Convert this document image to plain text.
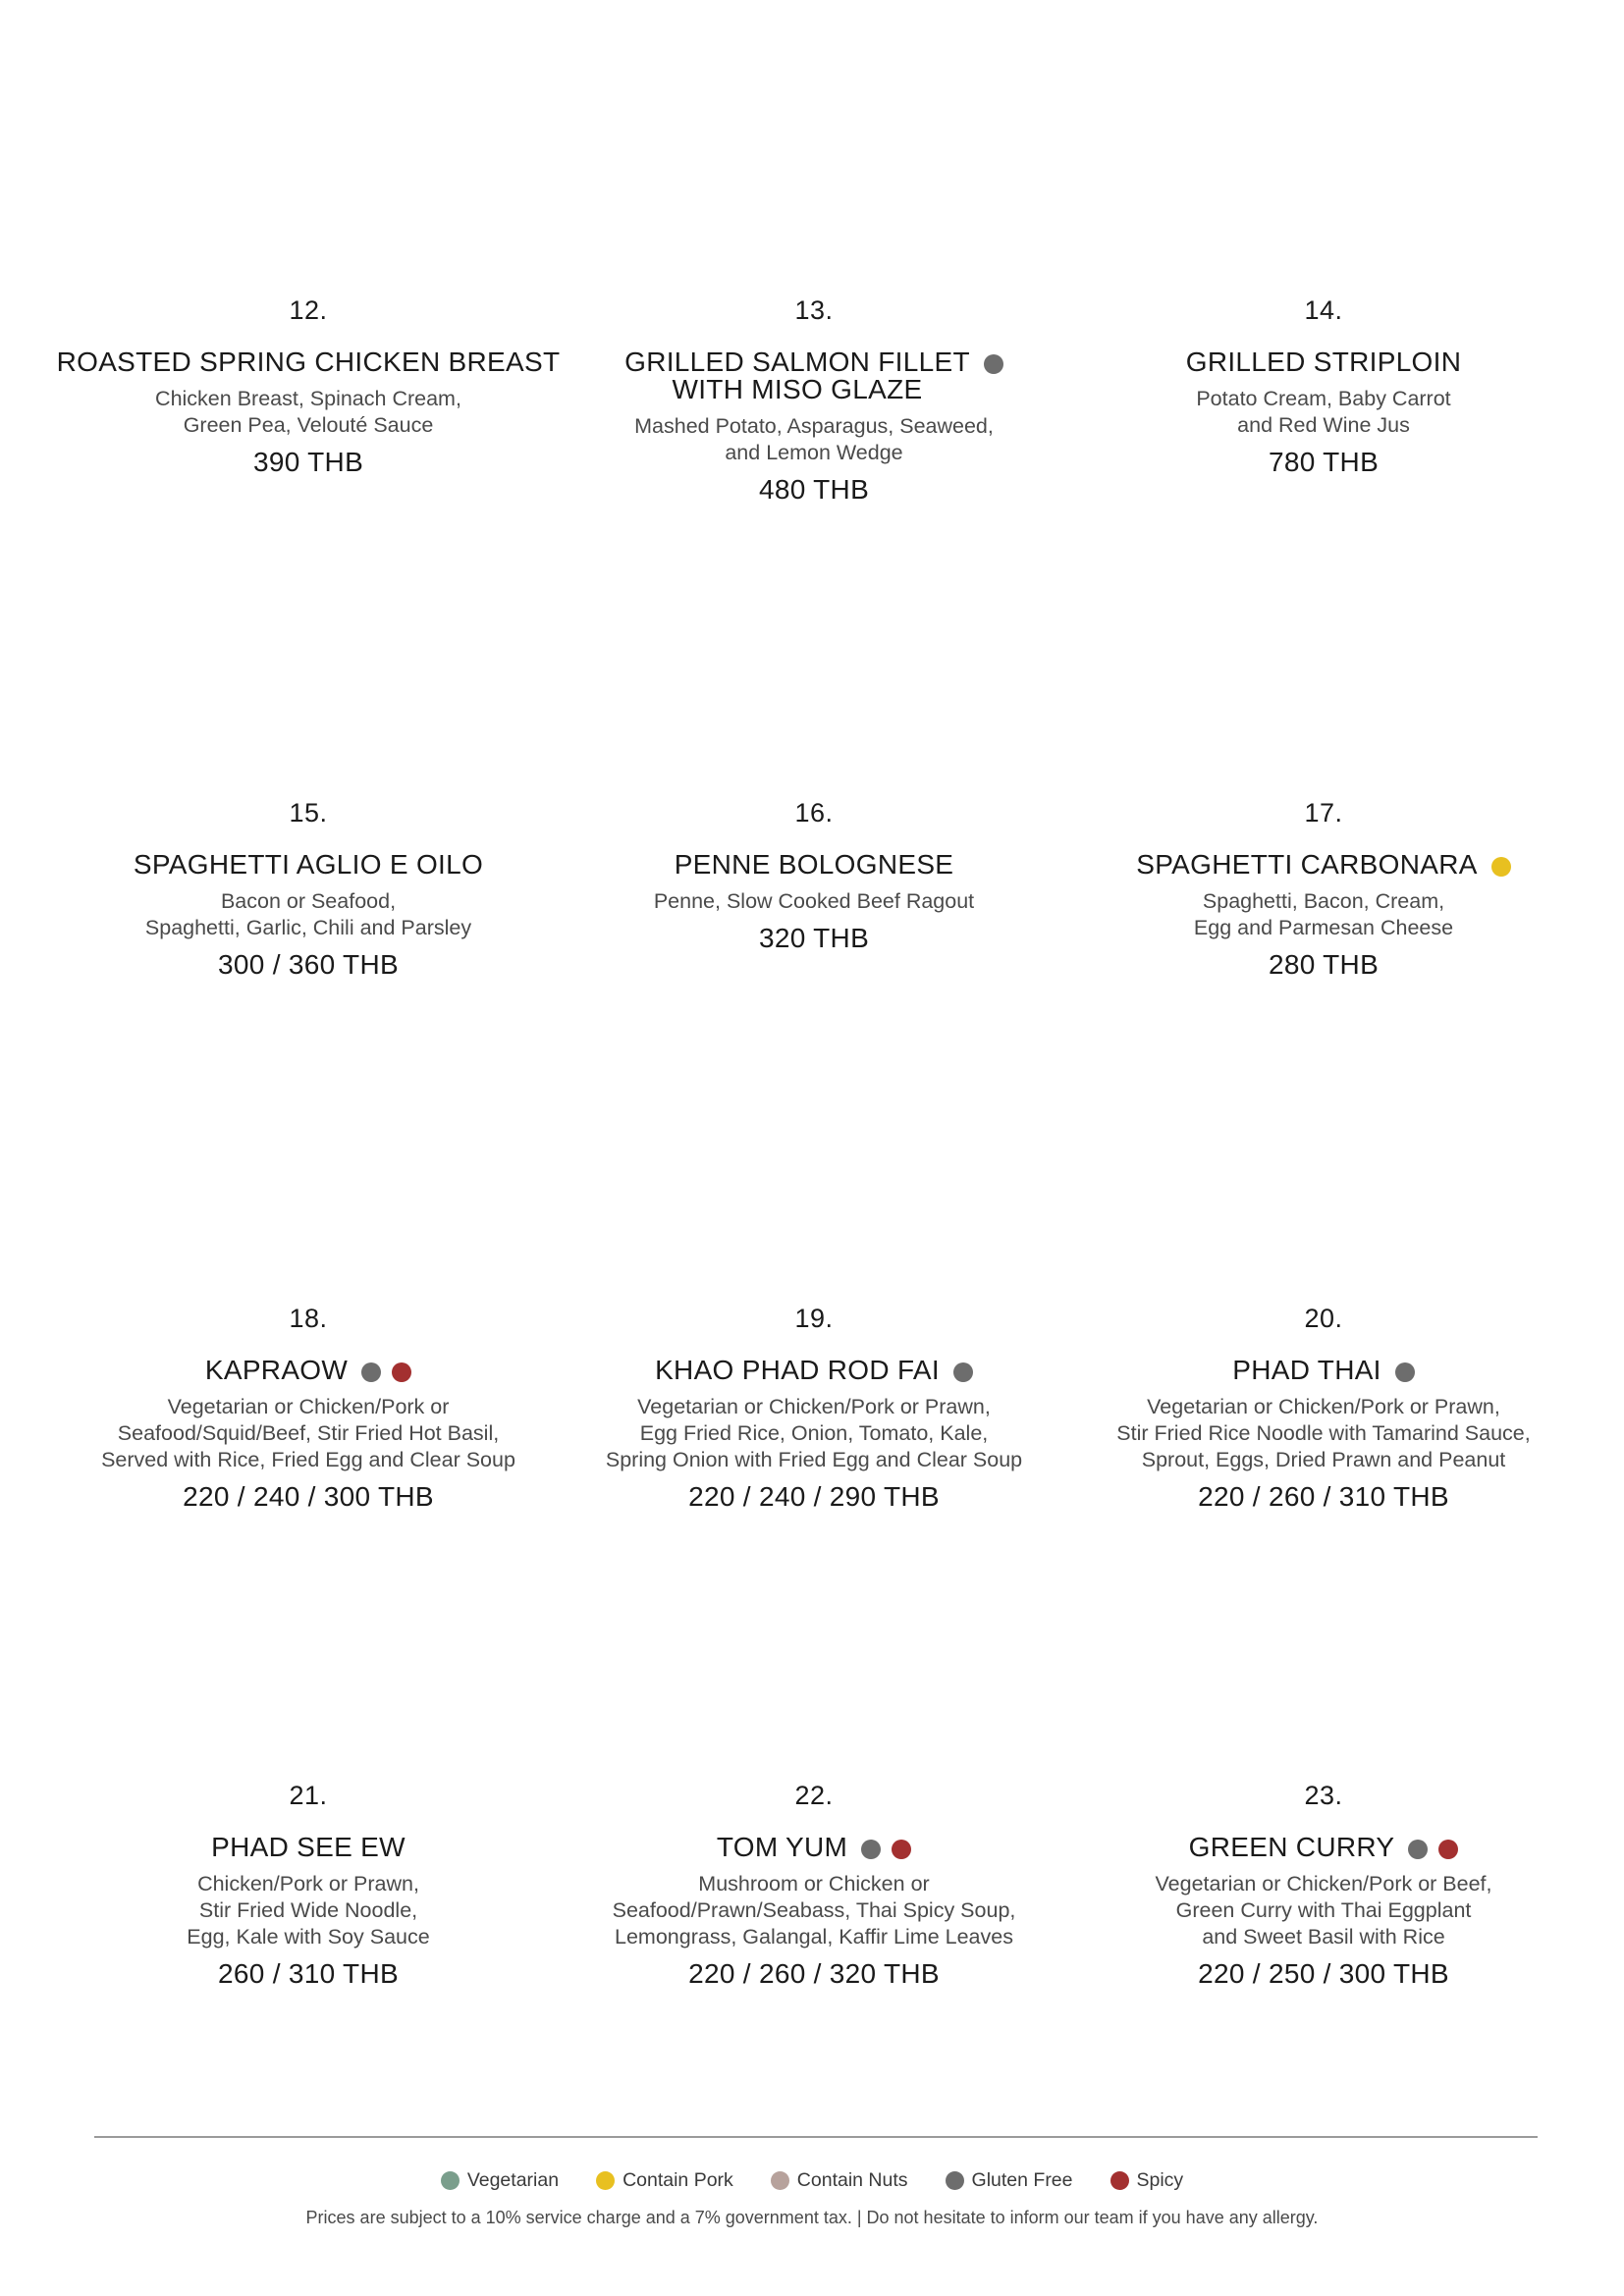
12.
ROASTED SPRING CHICKEN BREAST
Chicken Breast, Spinach Cream,
Green Pea, Velouté Sauce
390 THB
13.
GRILLED SALMON FILLET
WITH MISO GLAZE
Mashed Potato, Asparagus, Seaweed,
and Lemon Wedge
480 THB
14.
GRILLED STRIPLOIN
Potato Cream, Baby Carrot
and Red Wine Jus
780 THB
15.
SPAGHETTI AGLIO E OILO
Bacon or Seafood,
Spaghetti, Garlic, Chili and Parsley
300 / 360 THB
16.
PENNE BOLOGNESE
Penne, Slow Cooked Beef Ragout
320 THB
17.
SPAGHETTI CARBONARA
Spaghetti, Bacon, Cream,
Egg and Parmesan Cheese
280 THB
18.
KAPRAOW
Vegetarian or Chicken/Pork or
Seafood/Squid/Beef, Stir Fried Hot Basil,
Served with Rice, Fried Egg and Clear Soup
220 / 240 / 300 THB
19.
KHAO PHAD ROD FAI
Vegetarian or Chicken/Pork or Prawn,
Egg Fried Rice, Onion, Tomato, Kale,
Spring Onion with Fried Egg and Clear Soup
220 / 240 / 290 THB
20.
PHAD THAI
Vegetarian or Chicken/Pork or Prawn,
Stir Fried Rice Noodle with Tamarind Sauce,
Sprout, Eggs, Dried Prawn and Peanut
220 / 260 / 310 THB
21.
PHAD SEE EW
Chicken/Pork or Prawn,
Stir Fried Wide Noodle,
Egg, Kale with Soy Sauce
260 / 310 THB
22.
TOM YUM
Mushroom or Chicken or
Seafood/Prawn/Seabass, Thai Spicy Soup,
Lemongrass, Galangal, Kaffir Lime Leaves
220 / 260 / 320 THB
23.
GREEN CURRY
Vegetarian or Chicken/Pork or Beef,
Green Curry with Thai Eggplant
and Sweet Basil with Rice
220 / 250 / 300 THB
Vegetarian	Contain Pork	Contain Nuts	Gluten Free	Spicy
Prices are subject to a 10% service charge and a 7% government tax. | Do not hesitate to inform our team if you have any allergy.
